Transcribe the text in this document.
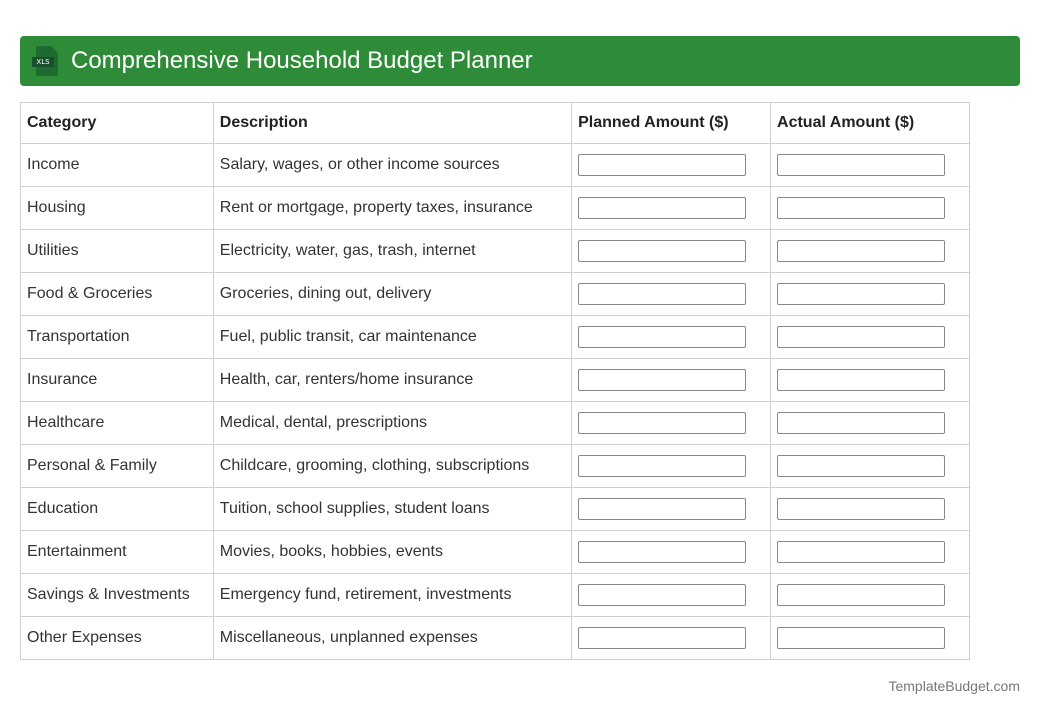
XLS Comprehensive Household Budget Planner
Category	Description	Planned Amount ($)	Actual Amount ($)
Income	Salary, wages, or other income sources		
Housing	Rent or mortgage, property taxes, insurance		
Utilities	Electricity, water, gas, trash, internet		
Food & Groceries	Groceries, dining out, delivery		
Transportation	Fuel, public transit, car maintenance		
Insurance	Health, car, renters/home insurance		
Healthcare	Medical, dental, prescriptions		
Personal & Family	Childcare, grooming, clothing, subscriptions		
Education	Tuition, school supplies, student loans		
Entertainment	Movies, books, hobbies, events		
Savings & Investments	Emergency fund, retirement, investments		
Other Expenses	Miscellaneous, unplanned expenses		
TemplateBudget.com
